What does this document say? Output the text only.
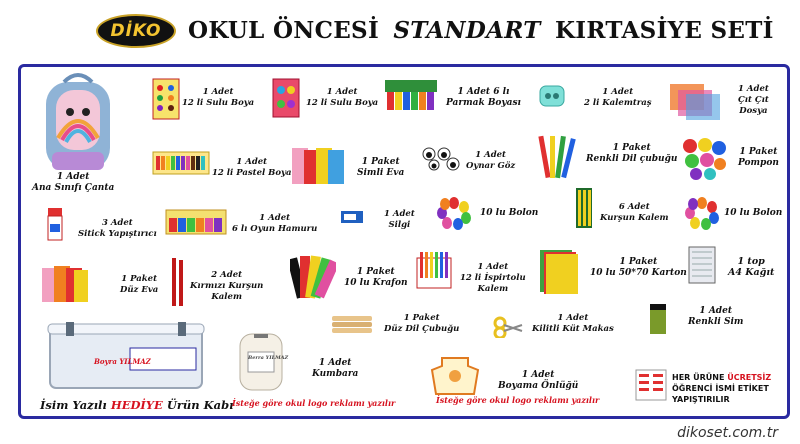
DİKO OKUL ÖNCESİ STANDART KIRTASİYE SETİ
1 Adet
Ana Sınıfı Çanta
1 Adet
12 li Sulu Boya
1 Adet
12 li Sulu Boya
1 Adet 6 lı
Parmak Boyası
1 Adet
2 li Kalemtraş
1 Adet
Çıt Çıt
Dosya
1 Adet
12 li Pastel Boya
1 Paket
Simli Eva
1 Adet
Oynar Göz
1 Paket
Renkli Dil çubuğu
1 Paket
Pompon
3 Adet
Sitick Yapıştırıcı
1 Adet
6 lı Oyun Hamuru
1 Adet
Silgi
10 lu Bolon
6 Adet
Kurşun Kalem	10 lu Bolon
1 Paket
Düz Eva
2 Adet
Kırmızı Kurşun
Kalem
1 Paket
10 lu Krafon
1 Adet
12 li İspirtolu
Kalem
1 Paket
10 lu 50*70 Karton
1 top
A4 Kağıt
Boyra YILMAZ
İsim Yazılı HEDİYE Ürün Kabı
1 Paket
Düz Dil Çubuğu
Berra YILMAZ	1 Adet
Kumbara
İsteğe göre okul logo reklamı yazılır
1 Adet
Kilitli Küt Makas
1 Adet
Renkli Sim
1 Adet
Boyama Önlüğü
İsteğe göre okul logo reklamı yazılır
HER ÜRÜNE ÜCRETSİZ
ÖĞRENCİ İSMİ ETİKET
YAPIŞTIRILIR
dikoset.com.tr
